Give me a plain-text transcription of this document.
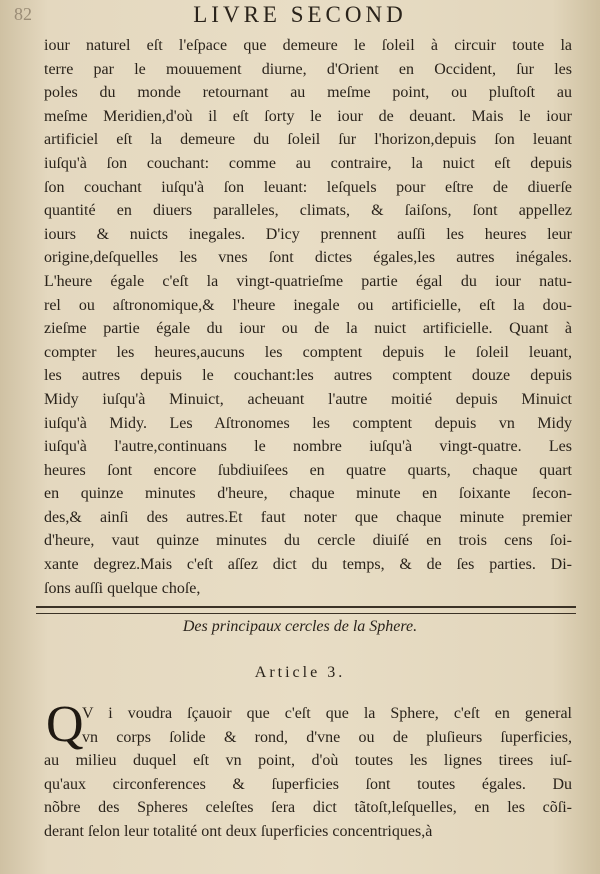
82	LIVRE SECOND
iour naturel eſt l'eſpace que demeure le ſoleil à circuir toute la
terre par le mouuement diurne, d'Orient en Occident, ſur les
poles du monde retournant au meſme point, ou pluſtoſt au
meſme Meridien,d'où il eſt ſorty le iour de deuant. Mais le iour
artificiel eſt la demeure du ſoleil ſur l'horizon,depuis ſon leuant
iuſqu'à ſon couchant: comme au contraire, la nuict eſt depuis
ſon couchant iuſqu'à ſon leuant: leſquels pour eſtre de diuerſe
quantité en diuers paralleles, climats, & ſaiſons, ſont appellez
iours & nuicts inegales. D'icy prennent auſſi les heures leur
origine,deſquelles les vnes ſont dictes égales,les autres inégales.
L'heure égale c'eſt la vingt-quatrieſme partie égal du iour natu-
rel ou aſtronomique,& l'heure inegale ou artificielle, eſt la dou-
zieſme partie égale du iour ou de la nuict artificielle. Quant à
compter les heures,aucuns les comptent depuis le ſoleil leuant,
les autres depuis le couchant:les autres comptent douze depuis
Midy iuſqu'à Minuict, acheuant l'autre moitié depuis Minuict
iuſqu'à Midy. Les Aſtronomes les comptent depuis vn Midy
iuſqu'à l'autre,continuans le nombre iuſqu'à vingt-quatre. Les
heures ſont encore ſubdiuiſees en quatre quarts, chaque quart
en quinze minutes d'heure, chaque minute en ſoixante ſecon-
des,& ainſi des autres.Et faut noter que chaque minute premier
d'heure, vaut quinze minutes du cercle diuiſé en trois cens ſoi-
xante degrez.Mais c'eſt aſſez dict du temps, & de ſes parties. Di-
ſons auſſi quelque choſe,
Des principaux cercles de la Sphere.
Article 3.
Q
V i voudra ſçauoir que c'eſt que la Sphere, c'eſt en general
vn corps ſolide & rond, d'vne ou de pluſieurs ſuperficies,
au milieu duquel eſt vn point, d'où toutes les lignes tirees iuſ-
qu'aux circonferences & ſuperficies ſont toutes égales. Du
nõbre des Spheres celeſtes ſera dict tãtoſt,leſquelles, en les cõſi-
derant ſelon leur totalité ont deux ſuperficies concentriques,à
